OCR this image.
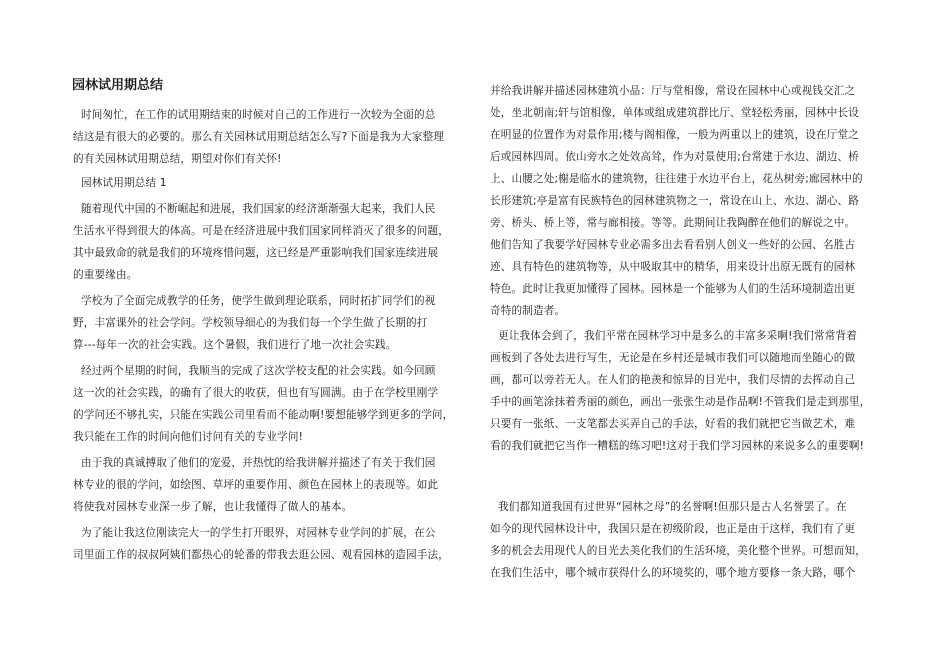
园林试用期总结
时间匆忙，在工作的试用期结束的时候对自己的工作进行一次较为全面的总
结这是有很大的必要的。那么有关园林试用期总结怎么写?下面是我为大家整理
的有关园林试用期总结，期望对你们有关怀!
园林试用期总结 1
随着现代中国的不断崛起和进展，我们国家的经济渐渐强大起来，我们人民
生活水平得到很大的体高。可是在经济进展中我们国家同样消灭了很多的问题，
其中最致命的就是我们的环境疼惜问题，这已经是严重影响我们国家连续进展
的重要缘由。
学校为了全面完成教学的任务，使学生做到理论联系，同时拓扩同学们的视
野，丰富课外的社会学问。学校领导细心的为我们每一个学生做了长期的打
算---每年一次的社会实践。这个暑假，我们进行了地一次社会实践。
经过两个星期的时间，我顺当的完成了这次学校支配的社会实践。如今回顾
这一次的社会实践，的确有了很大的收获，但也有写圆满。由于在学校里刚学
的学问还不够扎实，只能在实践公司里看而不能动啊!要想能够学到更多的学问，
我只能在工作的时间向他们讨问有关的专业学问!
由于我的真诚搏取了他们的宠爱，并热忱的给我讲解并描述了有关于我们园
林专业的很的学问，如绘图、草坪的重要作用、颜色在园林上的表现等。如此
将使我对园林专业深一步了解，也让我懂得了做人的基本。
为了能让我这位刚读完大一的学生打开眼界，对园林专业学问的扩展，在公
司里面工作的叔叔阿姨们都热心的轮番的带我去逛公园、观看园林的造园手法，
并给我讲解并描述园林建筑小品：厅与堂相像，常设在园林中心或视钱交汇之
处，坐北朝南;轩与馆相像，单体或组成建筑群比厅、堂轻松秀丽，园林中长设
在明显的位置作为对景作用;楼与阁相像，一般为两重以上的建筑，设在厅堂之
后或园林四周。依山旁水之处效高耸，作为对景使用;台常建于水边、湖边、桥
上、山腰之处;榭是临水的建筑物，往往建于水边平台上，花丛树旁;廊园林中的
长形建筑;亭是富有民族特色的园林建筑物之一，常设在山上、水边、湖心、路
旁、桥头、桥上等，常与廊相接。等等。此期间让我陶醉在他们的解说之中。
他们告知了我要学好园林专业必需多出去看看别人创义一些好的公园、名胜古
迹、具有特色的建筑物等，从中吸取其中的精华，用来设计出原无既有的园林
特色。此时让我更加懂得了园林。园林是一个能够为人们的生活环境制造出更
奇特的制造者。
更让我体会到了，我们平常在园林学习中是多么的丰富多采啊!我们常常背着
画板到了各处去进行写生，无论是在乡村还是城市我们可以随地而坐随心的做
画，都可以旁若无人。在人们的艳羡和惊异的目光中，我们尽情的去挥动自己
手中的画笔涂抹着秀丽的颜色，画出一张张生动是作品啊!不管我们是走到那里，
只要有一张纸、一支笔都去买弄自己的手法，好看的我们就把它当做艺术，难
看的我们就把它当作一糟糕的练习吧!这对于我们学习园林的来说多么的重要啊!
我们都知道我国有过世界“园林之母”的名誉啊!但那只是古人名誉罢了。在
如今的现代园林设计中，我国只是在初级阶段，也正是由于这样，我们有了更
多的机会去用现代人的目光去美化我们的生活环境，美化整个世界。可想而知，
在我们生活中，哪个城市获得什么的环境奖的，哪个地方要修一条大路，哪个
